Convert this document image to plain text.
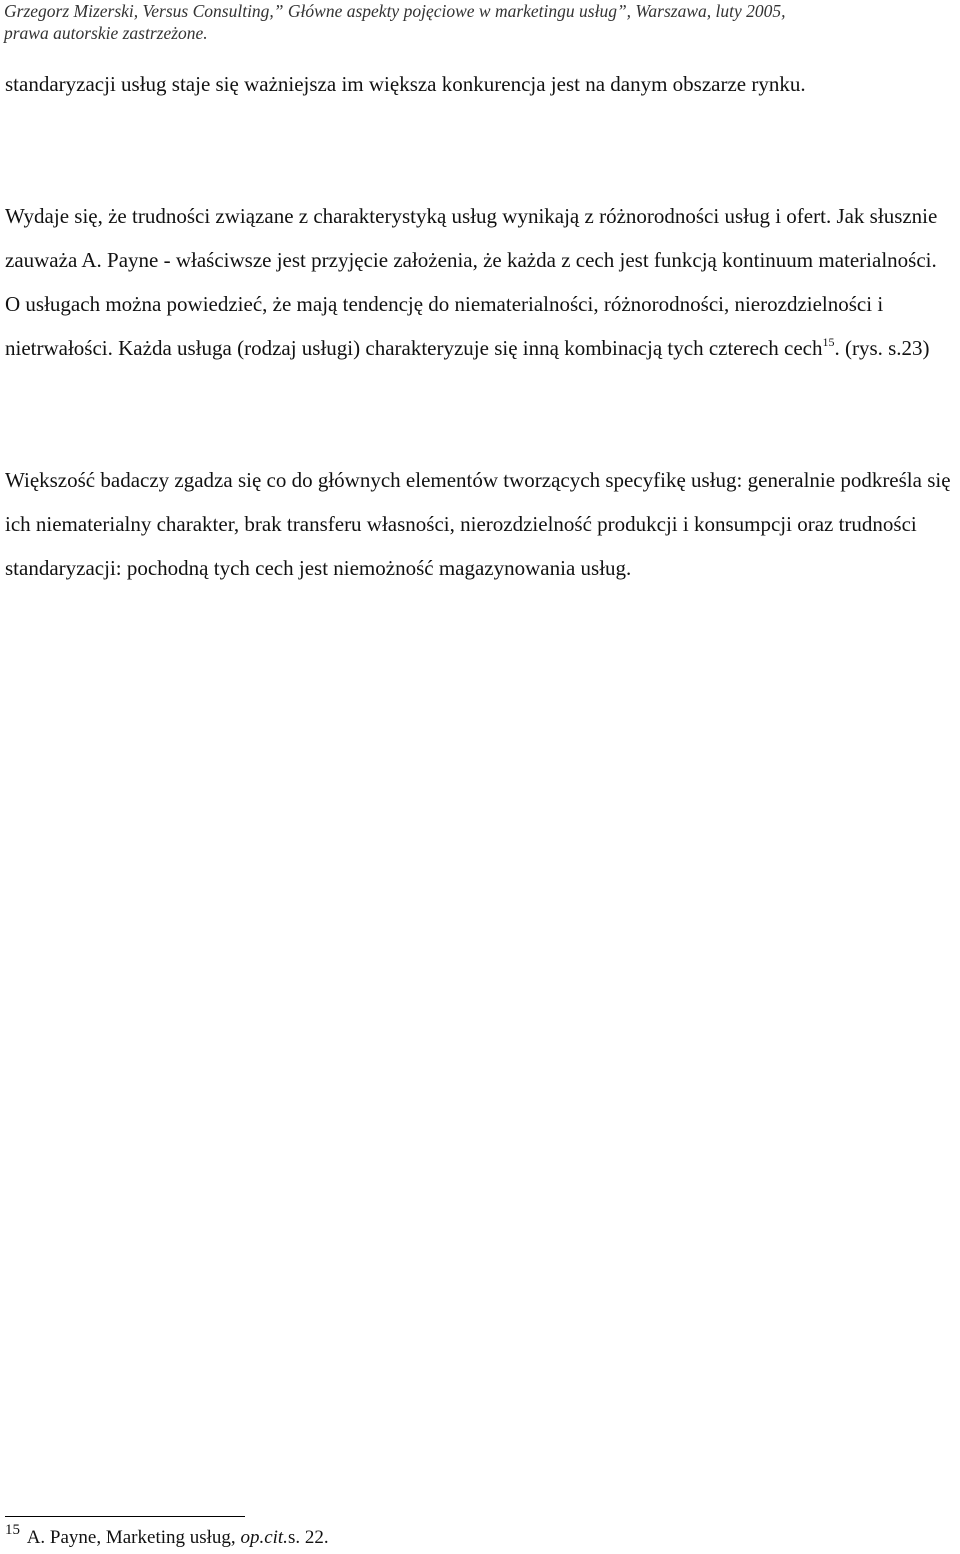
Grzegorz Mizerski, Versus Consulting,” Główne aspekty pojęciowe w marketingu usług”, Warszawa, luty 2005,
prawa autorskie zastrzeżone.
standaryzacji usług staje się ważniejsza im większa konkurencja jest na danym obszarze rynku.
Wydaje się, że trudności związane z charakterystyką usług wynikają z różnorodności usług i ofert. Jak słusznie zauważa A. Payne - właściwsze jest przyjęcie założenia, że każda z cech jest funkcją kontinuum materialności. O usługach można powiedzieć, że mają tendencję do niematerialności, różnorodności, nierozdzielności i nietrwałości. Każda usługa (rodzaj usługi) charakteryzuje się inną kombinacją tych czterech cech$^{15}$. (rys. s.23)
Większość badaczy zgadza się co do głównych elementów tworzących specyfikę usług: generalnie podkreśla się ich niematerialny charakter, brak transferu własności, nierozdzielność produkcji i konsumpcji oraz trudności standaryzacji: pochodną tych cech jest niemożność magazynowania usług.
$^{15}$ A. Payne, Marketing usług, op.cit.s. 22.
